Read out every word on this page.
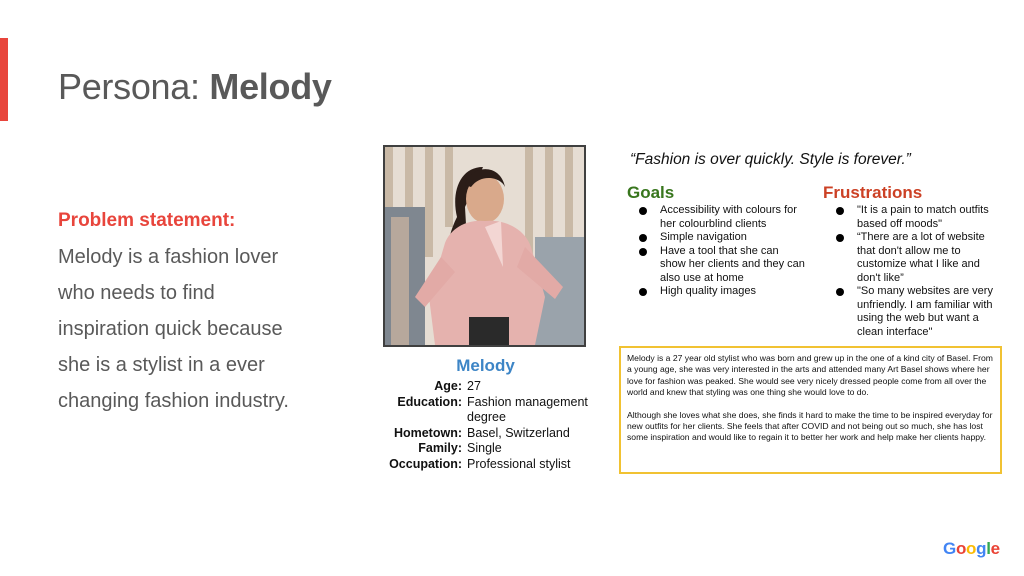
Persona: Melody
Problem statement:
Melody is a fashion lover who needs to find inspiration quick because she is a stylist in a ever changing fashion industry.
Melody
Age: 27
Education: Fashion management degree
Hometown: Basel, Switzerland
Family: Single
Occupation: Professional stylist
“Fashion is over quickly. Style is forever.”
Goals
Accessibility with colours for her colourblind clients
Simple navigation
Have a tool that she can show her clients and they can also use at home
High quality images
Frustrations
"It is a pain to match outfits based off moods"
“There are a lot of website that don't allow me to customize what I like and don't like”
"So many websites are very unfriendly. I am familiar with using the web but want a clean interface"

Melody is a 27 year old stylist who was born and grew up in the one of a kind city of Basel. From a young age, she was very interested in the arts and attended many Art Basel shows where her love for fashion was peaked. She would see very nicely dressed people come from all over the world and knew that styling was one thing she would love to do.

Although she loves what she does, she finds it hard to make the time to be inspired everyday for new outfits for her clients. She feels that after COVID and not being out so much, she has lost some inspiration and would like to regain it to better her work and help make her clients happy.

Google
